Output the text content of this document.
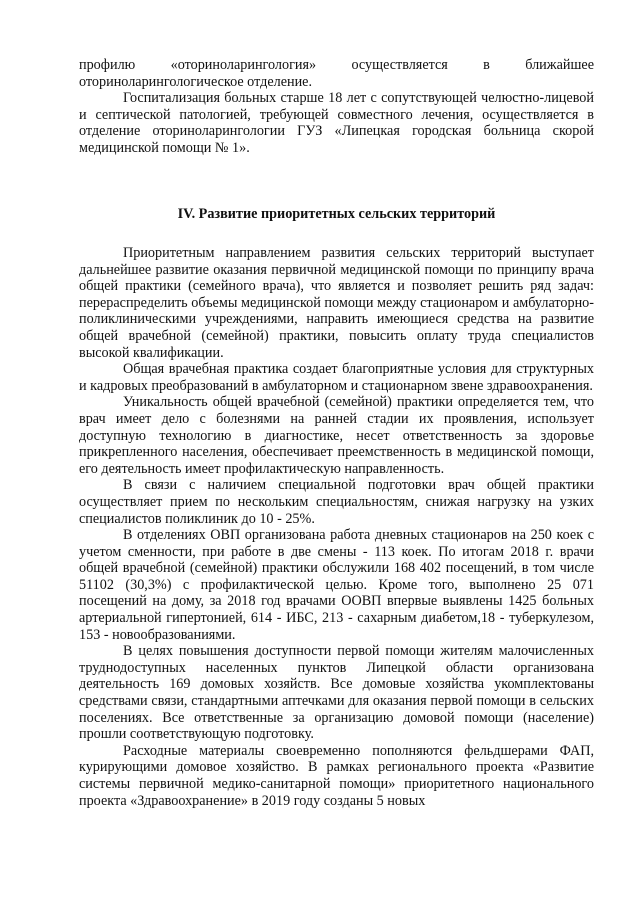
профилю «оториноларингология» осуществляется в ближайшее оториноларингологическое отделение.

Госпитализация больных старше 18 лет с сопутствующей челюстно-лицевой и септической патологией, требующей совместного лечения, осуществляется в отделение оториноларингологии ГУЗ «Липецкая городская больница скорой медицинской помощи № 1».

IV. Развитие приоритетных сельских территорий

Приоритетным направлением развития сельских территорий выступает дальнейшее развитие оказания первичной медицинской помощи по принципу врача общей практики (семейного врача), что является и позволяет решить ряд задач: перераспределить объемы медицинской помощи между стационаром и амбулаторно-поликлиническими учреждениями, направить имеющиеся средства на развитие общей врачебной (семейной) практики, повысить оплату труда специалистов высокой квалификации.

Общая врачебная практика создает благоприятные условия для структурных и кадровых преобразований в амбулаторном и стационарном звене здравоохранения.

Уникальность общей врачебной (семейной) практики определяется тем, что врач имеет дело с болезнями на ранней стадии их проявления, использует доступную технологию в диагностике, несет ответственность за здоровье прикрепленного населения, обеспечивает преемственность в медицинской помощи, его деятельность имеет профилактическую направленность.

В связи с наличием специальной подготовки врач общей практики осуществляет прием по нескольким специальностям, снижая нагрузку на узких специалистов поликлиник до 10 - 25%.

В отделениях ОВП организована работа дневных стационаров на 250 коек с учетом сменности, при работе в две смены - 113 коек. По итогам 2018 г. врачи общей врачебной (семейной) практики обслужили 168 402 посещений, в том числе 51102 (30,3%) с профилактической целью. Кроме того, выполнено 25 071 посещений на дому, за 2018 год врачами ООВП впервые выявлены 1425 больных артериальной гипертонией, 614 - ИБС, 213 - сахарным диабетом,18 - туберкулезом, 153 - новообразованиями.

В целях повышения доступности первой помощи жителям малочисленных труднодоступных населенных пунктов Липецкой области организована деятельность 169 домовых хозяйств. Все домовые хозяйства укомплектованы средствами связи, стандартными аптечками для оказания первой помощи в сельских поселениях. Все ответственные за организацию домовой помощи (население) прошли соответствующую подготовку.

Расходные материалы своевременно пополняются фельдшерами ФАП, курирующими домовое хозяйство. В рамках регионального проекта «Развитие системы первичной медико-санитарной помощи» приоритетного национального проекта «Здравоохранение» в 2019 году созданы 5 новых
